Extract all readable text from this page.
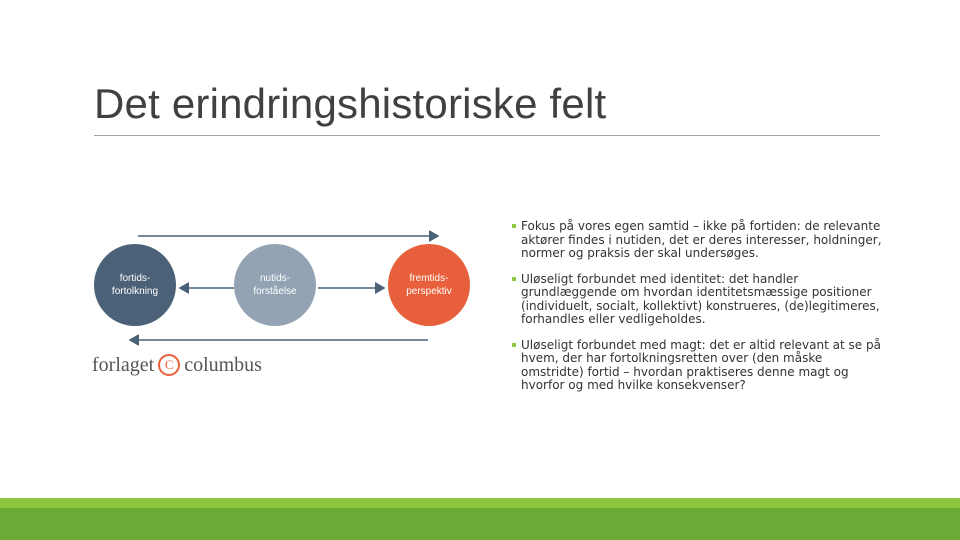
Det erindringshistoriske felt
fortids-
fortolkning
nutids-
forståelse
fremtids-
perspektiv
forlaget C columbus
Fokus på vores egen samtid – ikke på fortiden: de relevante aktører findes i nutiden, det er deres interesser, holdninger, normer og praksis der skal undersøges.
Uløseligt forbundet med identitet: det handler grundlæggende om hvordan identitetsmæssige positioner (individuelt, socialt, kollektivt) konstrueres, (de)legitimeres, forhandles eller vedligeholdes.
Uløseligt forbundet med magt: det er altid relevant at se på hvem, der har fortolkningsretten over (den måske omstridte) fortid – hvordan praktiseres denne magt og hvorfor og med hvilke konsekvenser?
